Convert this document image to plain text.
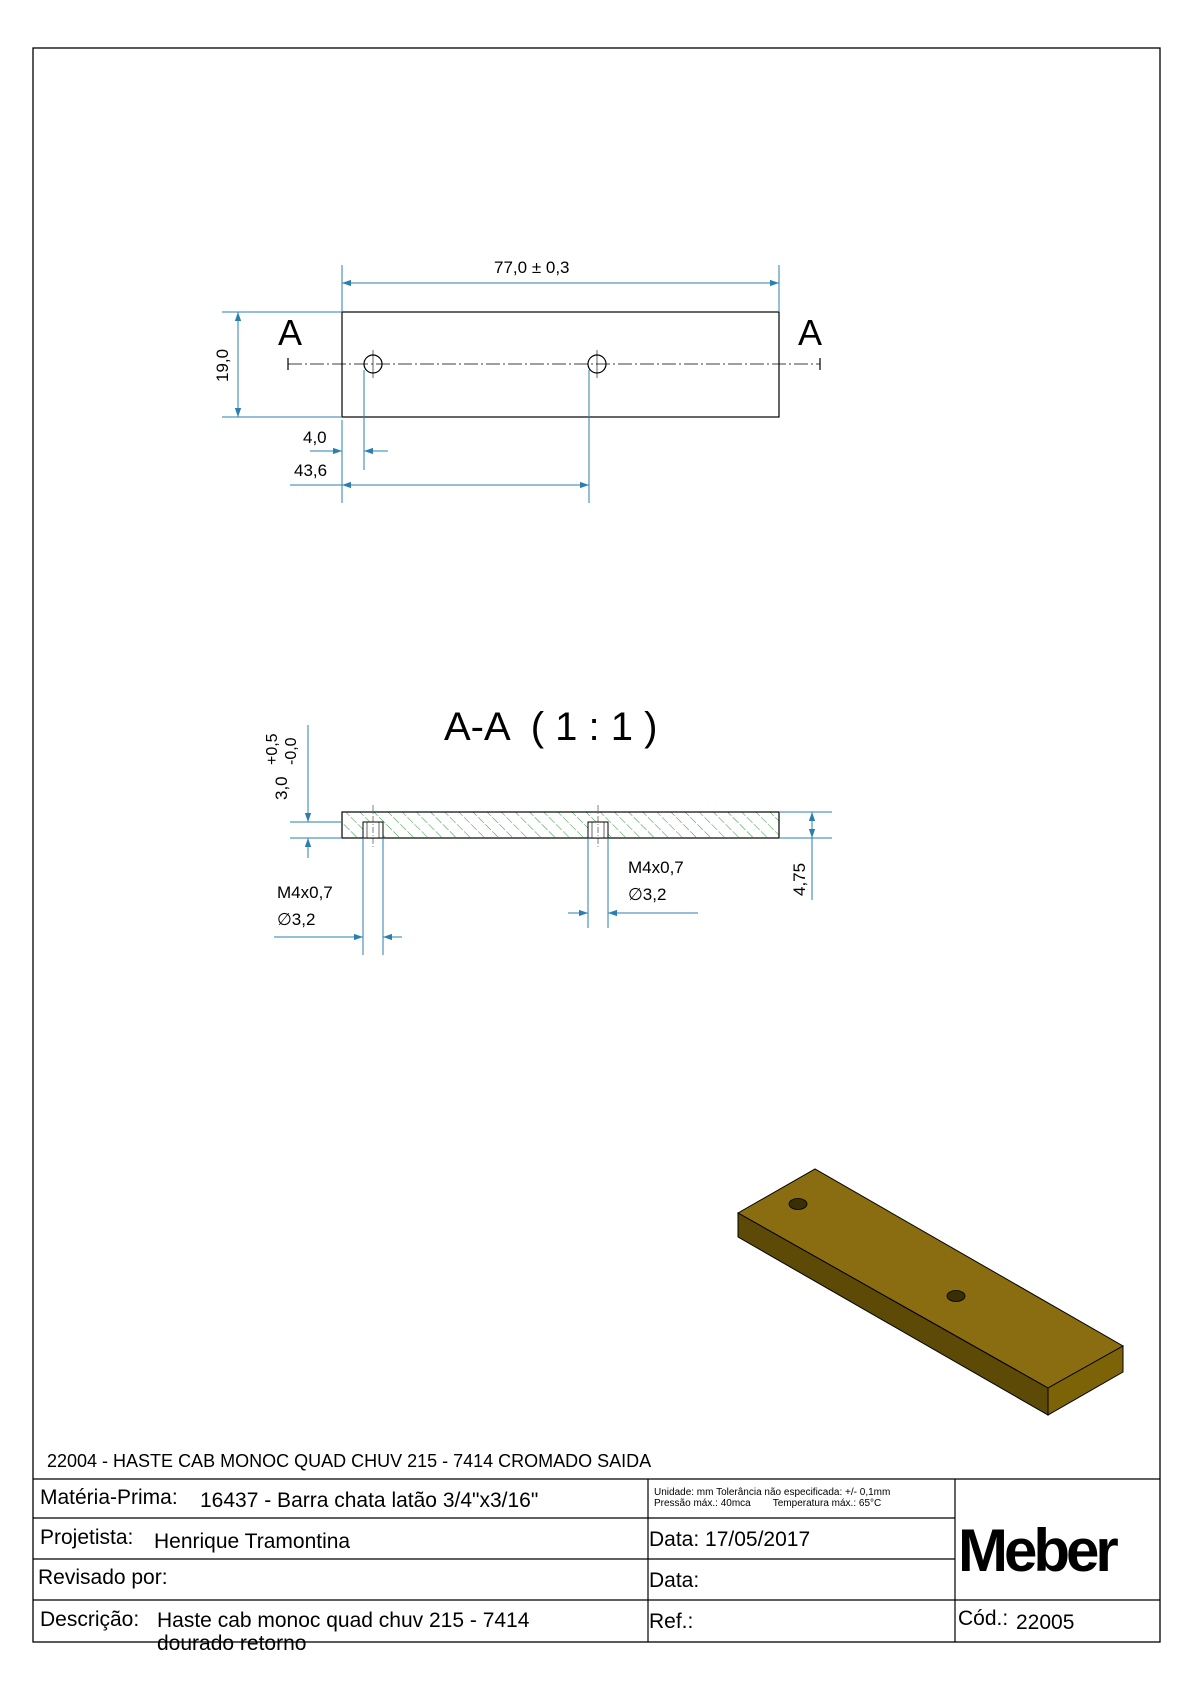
A	A
77,0 ± 0,3
19,0
4,0
43,6
A-A  ( 1 : 1 )
3,0
+0,5 -0,0
4,75
M4x0,7
∅3,2
M4x0,7
∅3,2
22004 - HASTE CAB MONOC QUAD CHUV 215 - 7414 CROMADO SAIDA
Matéria-Prima: 16437 - Barra chata latão 3/4"x3/16"	Unidade: mm Tolerância não especificada: +/- 0,1mm
Pressão máx.: 40mca        Temperatura máx.: 65°C
Projetista: Henrique Tramontina	Data: 17/05/2017
Revisado por:	Data:
Descrição: Haste cab monoc quad chuv 215 - 7414
dourado retorno
Ref.:
Meber
Cód.: 22005
